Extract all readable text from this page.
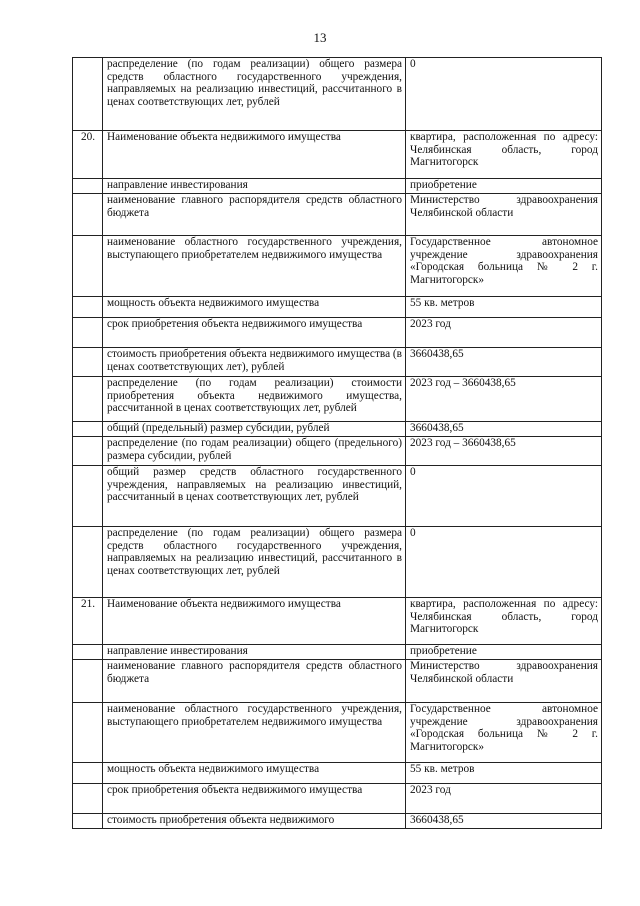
13
	распределение (по годам реализации) общего размера средств областного государственного учреждения, направляемых на реализацию инвестиций, рассчитанного в ценах соответствующих лет, рублей	0
20.	Наименование объекта недвижимого имущества	квартира, расположенная по адресу: Челябинская область, город Магнитогорск
	направление инвестирования	приобретение
	наименование главного распорядителя средств областного бюджета	Министерство здравоохранения Челябинской области
	наименование областного государственного учреждения, выступающего приобретателем недвижимого имущества	Государственное автономное учреждение здравоохранения «Городская больница № 2 г. Магнитогорск»
	мощность объекта недвижимого имущества	55 кв. метров
	срок приобретения объекта недвижимого имущества	2023 год
	стоимость приобретения объекта недвижимого имущества (в ценах соответствующих лет), рублей	3660438,65
	распределение (по годам реализации) стоимости приобретения объекта недвижимого имущества, рассчитанной в ценах соответствующих лет, рублей	2023 год – 3660438,65
	общий (предельный) размер субсидии, рублей	3660438,65
	распределение (по годам реализации) общего (предельного) размера субсидии, рублей	2023 год – 3660438,65
	общий размер средств областного государственного учреждения, направляемых на реализацию инвестиций, рассчитанный в ценах соответствующих лет, рублей	0
	распределение (по годам реализации) общего размера средств областного государственного учреждения, направляемых на реализацию инвестиций, рассчитанного в ценах соответствующих лет, рублей	0
21.	Наименование объекта недвижимого имущества	квартира, расположенная по адресу: Челябинская область, город Магнитогорск
	направление инвестирования	приобретение
	наименование главного распорядителя средств областного бюджета	Министерство здравоохранения Челябинской области
	наименование областного государственного учреждения, выступающего приобретателем недвижимого имущества	Государственное автономное учреждение здравоохранения «Городская больница № 2 г. Магнитогорск»
	мощность объекта недвижимого имущества	55 кв. метров
	срок приобретения объекта недвижимого имущества	2023 год
	стоимость приобретения объекта недвижимого	3660438,65
